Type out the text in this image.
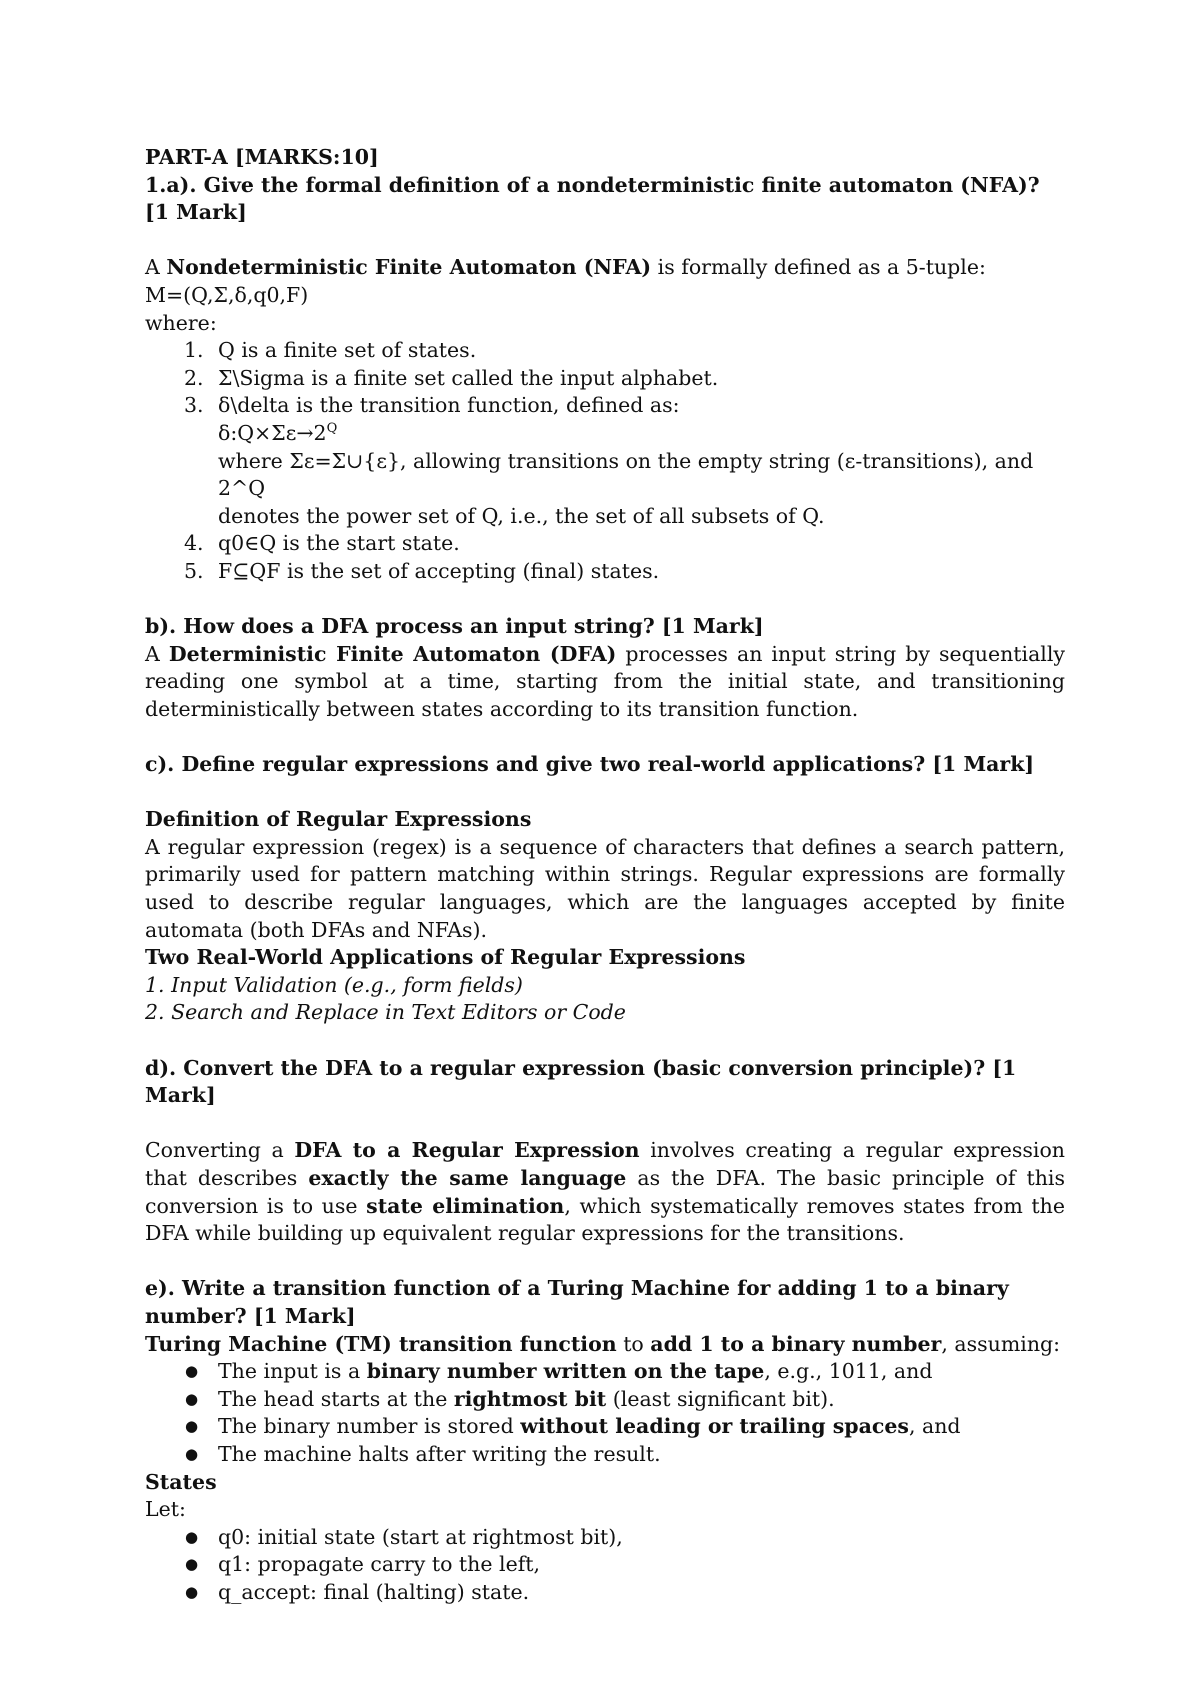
PART-A [MARKS:10]

1.a). Give the formal definition of a nondeterministic finite automaton (NFA)? [1 Mark]

A Nondeterministic Finite Automaton (NFA) is formally defined as a 5-tuple:

M=(Q,Σ,δ,q0,F)

where:

1. Q is a finite set of states.
2. Σ\Sigma is a finite set called the input alphabet.
3. δ\delta is the transition function, defined as:
$\delta:Q\times\Sigma\varepsilon\to 2^Q$
where Σε=Σ∪{ε}, allowing transitions on the empty string (ε-transitions), and 2^Q
denotes the power set of Q, i.e., the set of all subsets of Q.
4. q0∈Q is the start state.
5. F⊆QF is the set of accepting (final) states.

b). How does a DFA process an input string? [1 Mark]

A Deterministic Finite Automaton (DFA) processes an input string by sequentially reading one symbol at a time, starting from the initial state, and transitioning deterministically between states according to its transition function.

c). Define regular expressions and give two real-world applications? [1 Mark]

Definition of Regular Expressions

A regular expression (regex) is a sequence of characters that defines a search pattern, primarily used for pattern matching within strings. Regular expressions are formally used to describe regular languages, which are the languages accepted by finite automata (both DFAs and NFAs).

Two Real-World Applications of Regular Expressions

1. Input Validation (e.g., form fields)

2. Search and Replace in Text Editors or Code

d). Convert the DFA to a regular expression (basic conversion principle)? [1 Mark]

Converting a DFA to a Regular Expression involves creating a regular expression that describes exactly the same language as the DFA. The basic principle of this conversion is to use state elimination, which systematically removes states from the DFA while building up equivalent regular expressions for the transitions.

e). Write a transition function of a Turing Machine for adding 1 to a binary number? [1 Mark]

Turing Machine (TM) transition function to add 1 to a binary number, assuming:

● The input is a binary number written on the tape, e.g., 1011, and
● The head starts at the rightmost bit (least significant bit).
● The binary number is stored without leading or trailing spaces, and
● The machine halts after writing the result.

States

Let:

● q0: initial state (start at rightmost bit),
● q1: propagate carry to the left,
● q_accept: final (halting) state.
